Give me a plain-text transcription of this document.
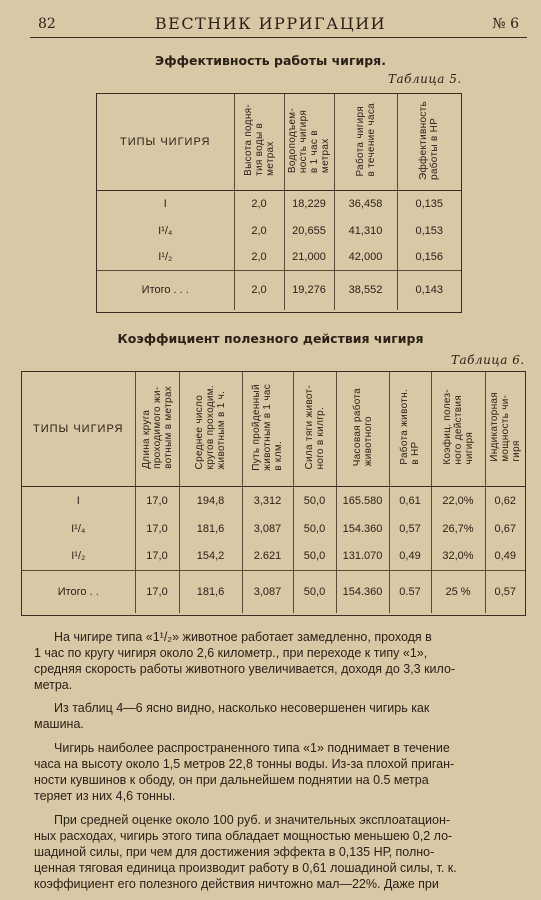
82	ВЕСТНИК ИРРИГАЦИИ	№ 6
Эффективность работы чигиря.
Таблица 5.
ТИПЫ ЧИГИРЯ	Высота подня-
тия воды в
метрах	Водоподъем-
ность чигиря
в 1 час в
метрах	Работа чигиря
в течение часа	Эффективность
работы в НР
I	2,0	18,229	36,458	0,135
I¹/₄	2,0	20,655	41,310	0,153
I¹/₂	2,0	21,000	42,000	0,156
Итого . . .	2,0	19,276	38,552	0,143
Коэффициент полезного действия чигиря
Таблица 6.
ТИПЫ ЧИГИРЯ	Длина круга
проходимого жи-
вотным в метрах	Среднее число
кругов проходим.
животным в 1 ч.	Путь пройденный
животным в 1 час
в клм.	Сила тяги живот-
ного в килгр.	Часовая работа
животного	Работа животн.
в НР	Коэфиц. полез-
ного действия
чигиря	Индикаторная
мощность чи-
гиря
I	17,0	194,8	3,312	50,0	165.580	0,61	22,0%	0,62
I¹/₄	17,0	181,6	3,087	50,0	154.360	0,57	26,7%	0,67
I¹/₂	17,0	154,2	2.621	50,0	131.070	0,49	32,0%	0,49
Итого . .	17,0	181,6	3,087	50,0	154.360	0.57	25 %	0,57
На чигире типа «1¹/₂» животное работает замедленно, проходя в
1 час по кругу чигиря около 2,6 километр., при переходе к типу «1»,
средняя скорость работы животного увеличивается, доходя до 3,3 кило-
метра.
Из таблиц 4—6 ясно видно, насколько несовершенен чигирь как
машина.
Чигирь наиболее распространенного типа «1» поднимает в течение
часа на высоту около 1,5 метров 22,8 тонны воды. Из-за плохой приган-
ности кувшинов к ободу, он при дальнейшем поднятии на 0.5 метра
теряет из них 4,6 тонны.
При средней оценке около 100 руб. и значительных эксплоатацион-
ных расходах, чигирь этого типа обладает мощностью меньшею 0,2 ло-
шадиной силы, при чем для достижения эффекта в 0,135 НР, полно-
ценная тяговая единица производит работу в 0,61 лошадиной силы, т. к.
коэффициент его полезного действия ничтожно мал—22%. Даже при
